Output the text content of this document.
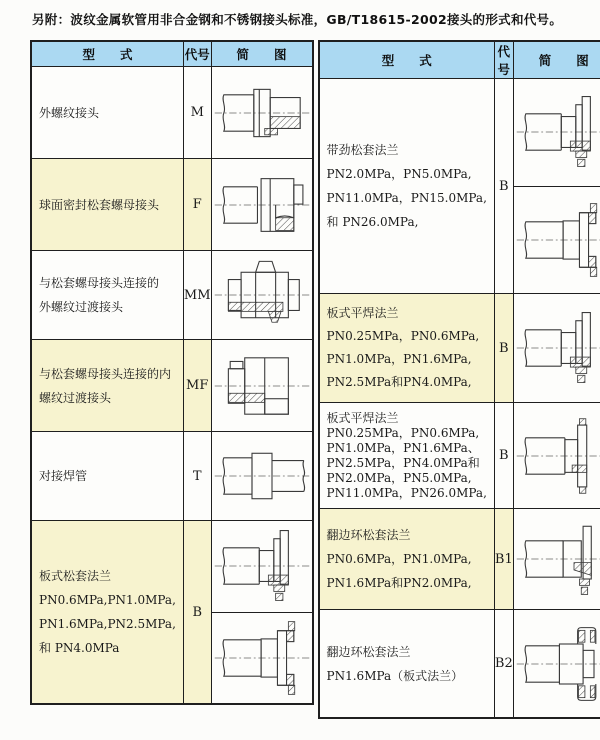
另附：波纹金属软管用非合金钢和不锈钢接头标准，GB/T18615-2002接头的形式和代号。
型　　式	代号	简　　图

外螺纹接头	M	

球面密封松套螺母接头	F	

与松套螺母接头连接的
外螺纹过渡接头	MM	

与松套螺母接头连接的内
螺纹过渡接头	MF	

对接焊管	T	

板式松套法兰
PN0.6MPa,PN1.0MPa,
PN1.6MPa,PN2.5MPa,
和 PN4.0MPa	B	
型　　式	代号	简　　图

带劲松套法兰
PN2.0MPa，PN5.0MPa,
PN11.0MPa，PN15.0MPa,
和 PN26.0MPa,	B	

板式平焊法兰
PN0.25MPa，PN0.6MPa,
PN1.0MPa，PN1.6MPa,
PN2.5MPa和PN4.0MPa,	B	

板式平焊法兰
PN0.25MPa，PN0.6MPa,
PN1.0MPa，PN1.6MPa、
PN2.5MPa，PN4.0MPa和
PN2.0MPa，PN5.0MPa,
PN11.0MPa，PN26.0MPa,
	B	

翻边环松套法兰
PN0.6MPa，PN1.0MPa,
PN1.6MPa和PN2.0MPa,	B1	

翻边环松套法兰
PN1.6MPa（板式法兰）	B2	
